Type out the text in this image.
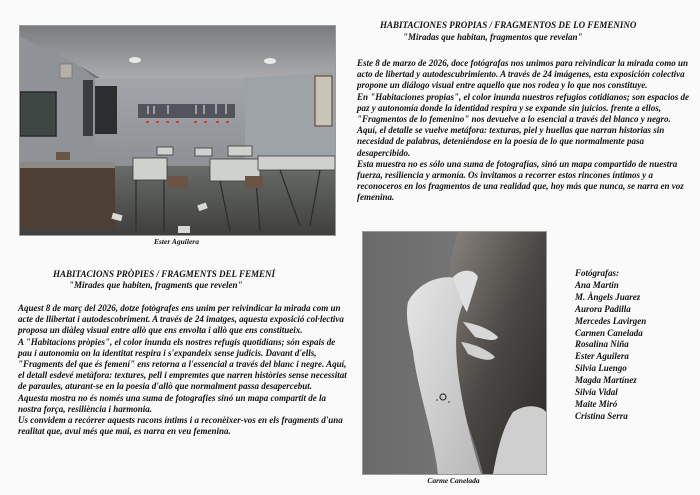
Ester Aguilera
HABITACIONES PROPIAS / FRAGMENTOS DE LO FEMENINO
"Miradas que habitan, fragmentos que revelan"

Este 8 de marzo de 2026, doce fotógrafas nos unimos para reivindicar la mirada como un acto de libertad y autodescubrimiento. A través de 24 imágenes, esta exposición colectiva propone un diálogo visual entre aquello que nos rodea y lo que nos constituye.

En "Habitaciones propias", el color inunda nuestros refugios cotidianos; son espacios de paz y autonomía donde la identidad respira y se expande sin juicios. frente a ellos, "Fragmentos de lo femenino" nos devuelve a lo esencial a través del blanco y negro. Aquí, el detalle se vuelve metáfora: texturas, piel y huellas que narran historias sin necesidad de palabras, deteniéndose en la poesía de lo que normalmente pasa desapercibido.

Esta muestra no es sólo una suma de fotografías, sinó un mapa compartido de nuestra fuerza, resiliencia y armonía. Os invitamos a recorrer estos rincones íntimos y a reconoceros en los fragmentos de una realidad que, hoy más que nunca, se narra en voz femenina.

HABITACIONS PRÒPIES / FRAGMENTS DEL FEMENÍ
"Mirades que habiten, fragments que revelen"

Aquest 8 de març del 2026, dotze fotògrafes ens unim per reivindicar la mirada com un acte de llibertat i autodescobriment. A través de 24 imatges, aquesta exposició col·lectiva proposa un diàleg visual entre allò que ens envolta i allò que ens constitueix.

A "Habitacions pròpies", el color inunda els nostres refugis quotidians; són espais de pau i autonomia on la identitat respira i s'expandeix sense judicis. Davant d'ells, "Fragments del que és femení" ens retorna a l'essencial a través del blanc i negre. Aquí, el detall esdevé metàfora: textures, pell i empremtes que narren històries sense necessitat de paraules, aturant-se en la poesia d'allò que normalment passa desapercebut.

Aquesta mostra no és només una suma de fotografies sinó un mapa compartit de la nostra força, resiliència i harmonia.

Us convidem a recórrer aquests racons íntims i a reconèixer-vos en els fragments d'una realitat que, avui més que mai, es narra en veu femenina.

Carme Canelada
Fotógrafas:
Ana Martin
M. Àngels Juarez
Aurora Padilla
Mercedes Lavirgen
Carmen Canelada
Rosalina Niña
Ester Aguilera
Silvia Luengo
Magda Martínez
Silvia Vidal
Maite Miró
Cristina Serra
